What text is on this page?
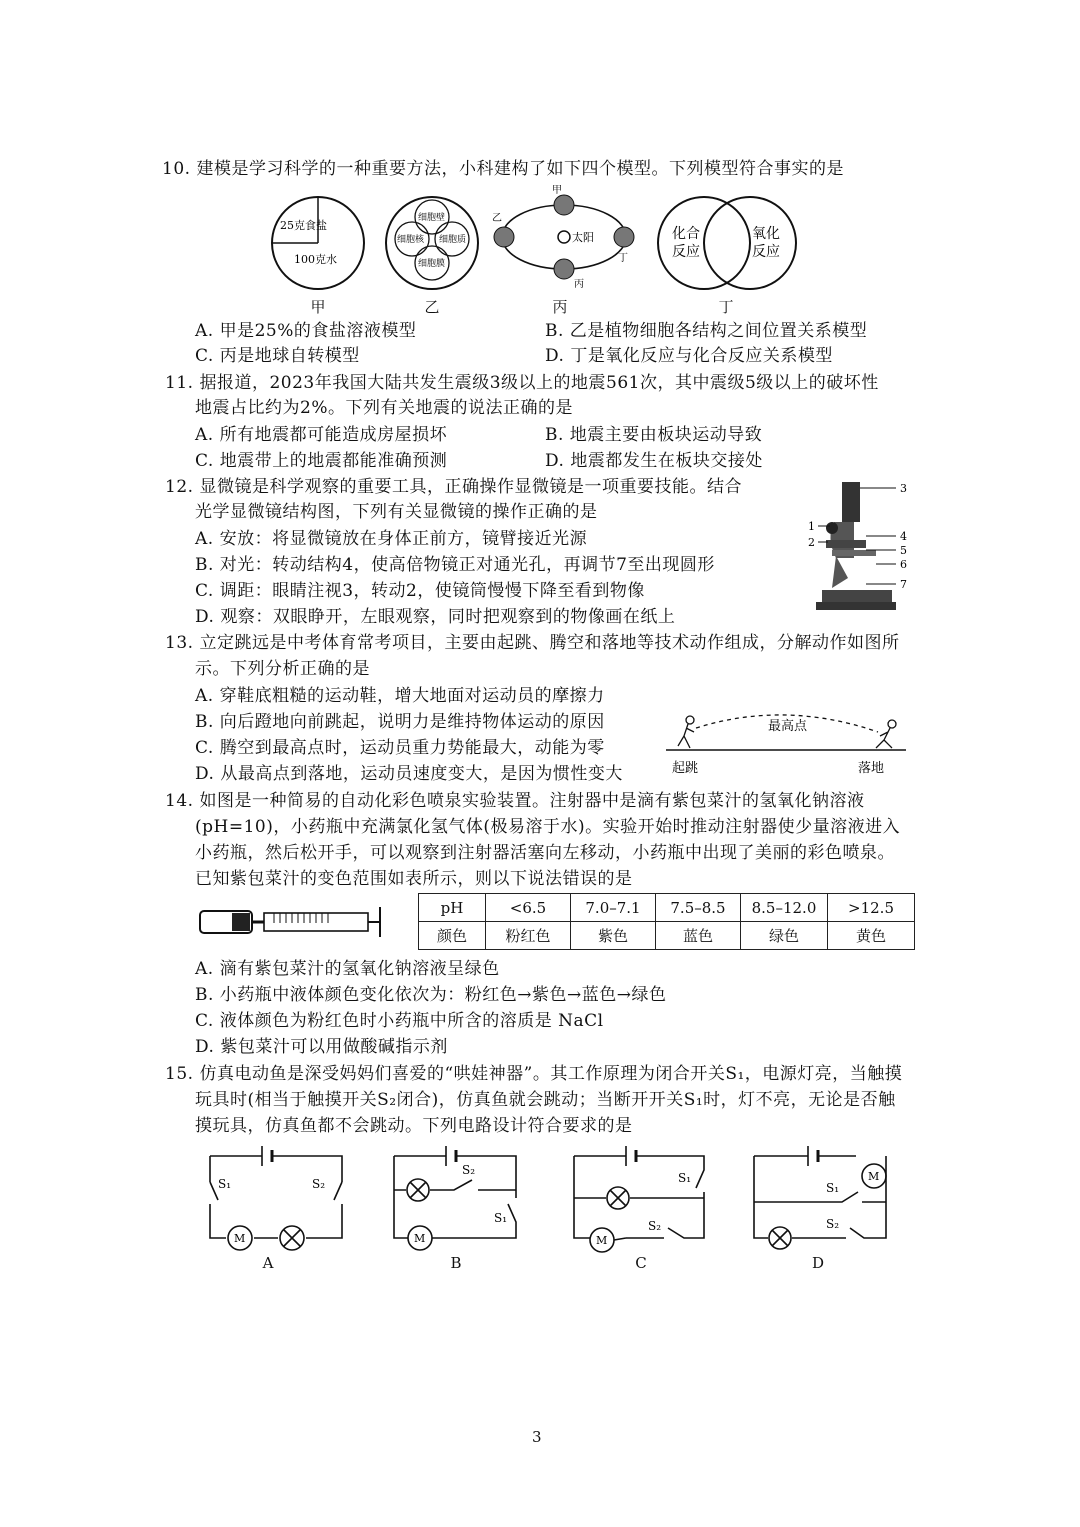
10. 建模是学习科学的一种重要方法，小科建构了如下四个模型。下列模型符合事实的是
25克食盐
100克水
甲
细胞壁
细胞核 细胞质
细胞膜
乙
太阳
甲
乙
丙
丁
丙
化合
反应
氧化
反应
丁
A. 甲是25%的食盐溶液模型	B. 乙是植物细胞各结构之间位置关系模型
C. 丙是地球自转模型	D. 丁是氧化反应与化合反应关系模型
11. 据报道，2023年我国大陆共发生震级3级以上的地震561次，其中震级5级以上的破坏性
地震占比约为2%。下列有关地震的说法正确的是
A. 所有地震都可能造成房屋损坏	B. 地震主要由板块运动导致
C. 地震带上的地震都能准确预测	D. 地震都发生在板块交接处
12. 显微镜是科学观察的重要工具，正确操作显微镜是一项重要技能。结合
光学显微镜结构图，下列有关显微镜的操作正确的是
A. 安放：将显微镜放在身体正前方，镜臂接近光源
B. 对光：转动结构4，使高倍物镜正对通光孔，再调节7至出现圆形
C. 调距：眼睛注视3，转动2，使镜筒慢慢下降至看到物像
D. 观察：双眼睁开，左眼观察，同时把观察到的物像画在纸上
1
2
3
4
5
6
7
13. 立定跳远是中考体育常考项目，主要由起跳、腾空和落地等技术动作组成，分解动作如图所
示。下列分析正确的是
A. 穿鞋底粗糙的运动鞋，增大地面对运动员的摩擦力
B. 向后蹬地向前跳起，说明力是维持物体运动的原因
C. 腾空到最高点时，运动员重力势能最大，动能为零
D. 从最高点到落地，运动员速度变大，是因为惯性变大
最高点
起跳	落地
14. 如图是一种简易的自动化彩色喷泉实验装置。注射器中是滴有紫包菜汁的氢氧化钠溶液
(pH=10)，小药瓶中充满氯化氢气体(极易溶于水)。实验开始时推动注射器使少量溶液进入
小药瓶，然后松开手，可以观察到注射器活塞向左移动，小药瓶中出现了美丽的彩色喷泉。
已知紫包菜汁的变色范围如表所示，则以下说法错误的是
pH	<6.5	7.0–7.1	7.5–8.5	8.5–12.0	>12.5
颜色	粉红色	紫色	蓝色	绿色	黄色
A. 滴有紫包菜汁的氢氧化钠溶液呈绿色
B. 小药瓶中液体颜色变化依次为：粉红色→紫色→蓝色→绿色
C. 液体颜色为粉红色时小药瓶中所含的溶质是 NaCl
D. 紫包菜汁可以用做酸碱指示剂
15. 仿真电动鱼是深受妈妈们喜爱的“哄娃神器”。其工作原理为闭合开关S₁，电源灯亮，当触摸
玩具时(相当于触摸开关S₂闭合)，仿真鱼就会跳动；当断开开关S₁时，灯不亮，无论是否触
摸玩具，仿真鱼都不会跳动。下列电路设计符合要求的是
S₁	S₂
M
A
S₂
S₁
M
B
S₁
S₂
M
C
S₁
S₂
M
D
3
